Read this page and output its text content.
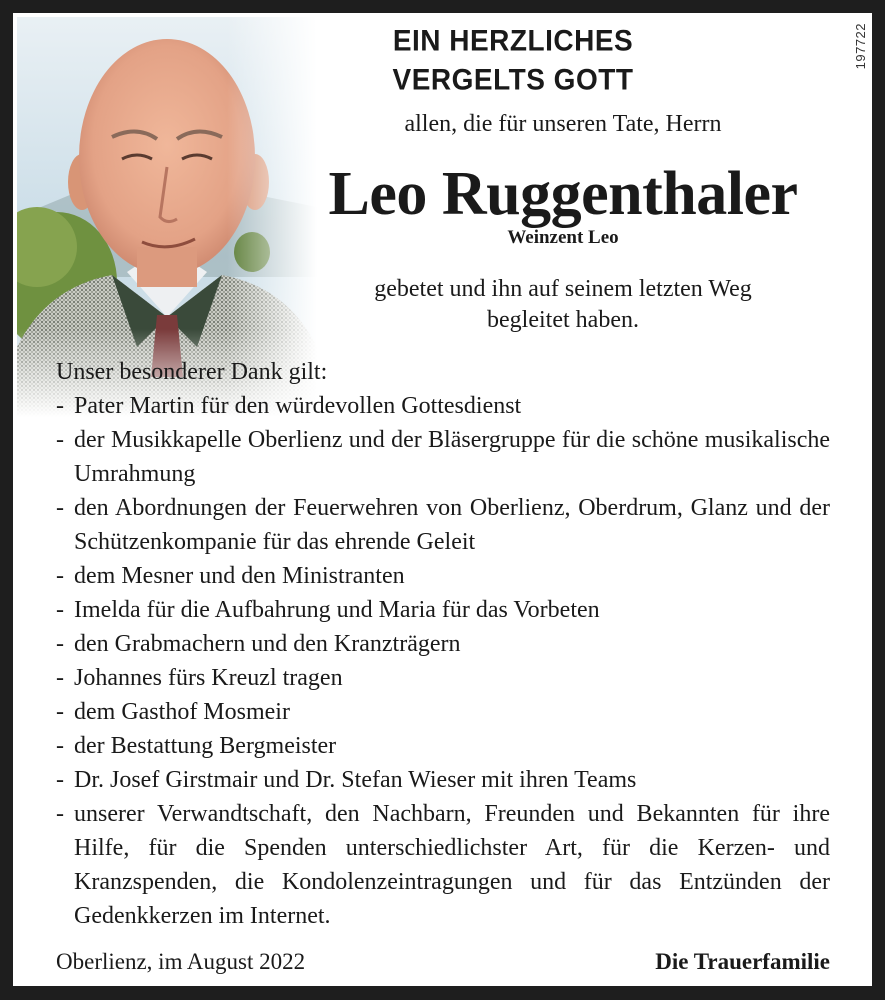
197722
EIN HERZLICHES
VERGELTS GOTT
allen, die für unseren Tate, Herrn
Leo Ruggenthaler
Weinzent Leo
gebetet und ihn auf seinem letzten Weg
begleitet haben.
Unser besonderer Dank gilt:
- Pater Martin für den würdevollen Gottesdienst
- der Musikkapelle Oberlienz und der Bläsergruppe für die schöne musikalische Umrahmung
- den Abordnungen der Feuerwehren von Oberlienz, Oberdrum, Glanz und der Schützenkompanie für das ehrende Geleit
- dem Mesner und den Ministranten
- Imelda für die Aufbahrung und Maria für das Vorbeten
- den Grabmachern und den Kranzträgern
- Johannes fürs Kreuzl tragen
- dem Gasthof Mosmeir
- der Bestattung Bergmeister
- Dr. Josef Girstmair und Dr. Stefan Wieser mit ihren Teams
- unserer Verwandtschaft, den Nachbarn, Freunden und Bekannten für ihre Hilfe, für die Spenden unterschiedlichster Art, für die Kerzen- und Kranzspenden, die Kondolenzeintragungen und für das Entzünden der Gedenkkerzen im Internet.
Oberlienz, im August 2022	Die Trauerfamilie
